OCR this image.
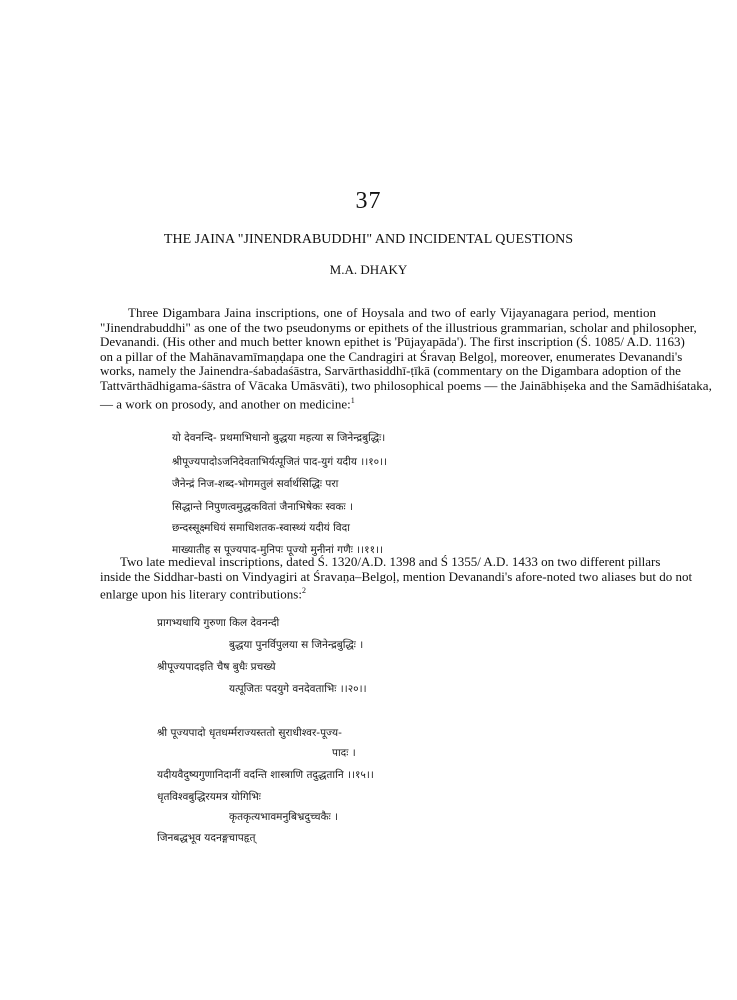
37
THE JAINA "JINENDRABUDDHI" AND INCIDENTAL QUESTIONS
M.A. DHAKY
Three Digambara Jaina inscriptions, one of Hoysala and two of early Vijayanagara period, mention
"Jinendrabuddhi" as one of the two pseudonyms or epithets of the illustrious grammarian, scholar and philosopher,
Devanandi. (His other and much better known epithet is 'Pūjayapāda'). The first inscription (Ś. 1085/ A.D. 1163)
on a pillar of the Mahānavamīmaṇḍapa one the Candragiri at Śravaṇ Belgoḷ, moreover, enumerates Devanandi's
works, namely the Jainendra-śabadaśāstra, Sarvārthasiddhī-ṭīkā (commentary on the Digambara adoption of the
Tattvārthādhigama-śāstra of Vācaka Umāsvāti), two philosophical poems — the Jainābhiṣeka and the Samādhiśataka,
— a work on prosody, and another on medicine:$^1$
यो देवनन्दि- प्रथमाभिधानो बुद्धया महत्या स जिनेन्द्रबुद्धिः।
श्रीपूज्यपादोऽजनिदेवताभिर्यत्पूजितं पाद-युगं यदीय ।।१०।।
जैनेन्द्रं निज-शब्द-भोगमतुलं सर्वार्थसिद्धिः परा
सिद्धान्ते निपुणत्वमुद्धकवितां जैनाभिषेकः स्वकः ।
छन्दस्सूक्ष्मधियं समाधिशतक-स्वास्थ्यं यदीयं विदा
माख्यातीह स पूज्यपाद-मुनिपः पूज्यो मुनीनां गणैः ।।११।।
Two late medieval inscriptions, dated Ś. 1320/A.D. 1398 and Ś 1355/ A.D. 1433 on two different pillars
inside the Siddhar-basti on Vindyagiri at Śravaṇa–Belgoḷ, mention Devanandi's afore-noted two aliases but do not
enlarge upon his literary contributions:$^2$
प्रागभ्यधायि गुरुणा किल देवनन्दी
बुद्धया पुनर्विपुलया स जिनेन्द्रबुद्धिः ।
श्रीपूज्यपादइति चैष बुधैः प्रचख्ये
यत्पूजितः पदयुगे वनदेवताभिः ।।२०।।
श्री पूज्यपादो धृतधर्म्मराज्यस्ततो सुराधीश्वर-पूज्य-
पादः ।
यदीयवैदुष्यगुणानिदानीं वदन्ति शास्त्राणि तदुद्धतानि ।।१५।।
धृतविश्वबुद्धिरयमत्र योगिभिः
कृतकृत्यभावमनुबिभ्रदुच्चकैः ।
जिनबद्धभूव यदनङ्गचापहृत्
